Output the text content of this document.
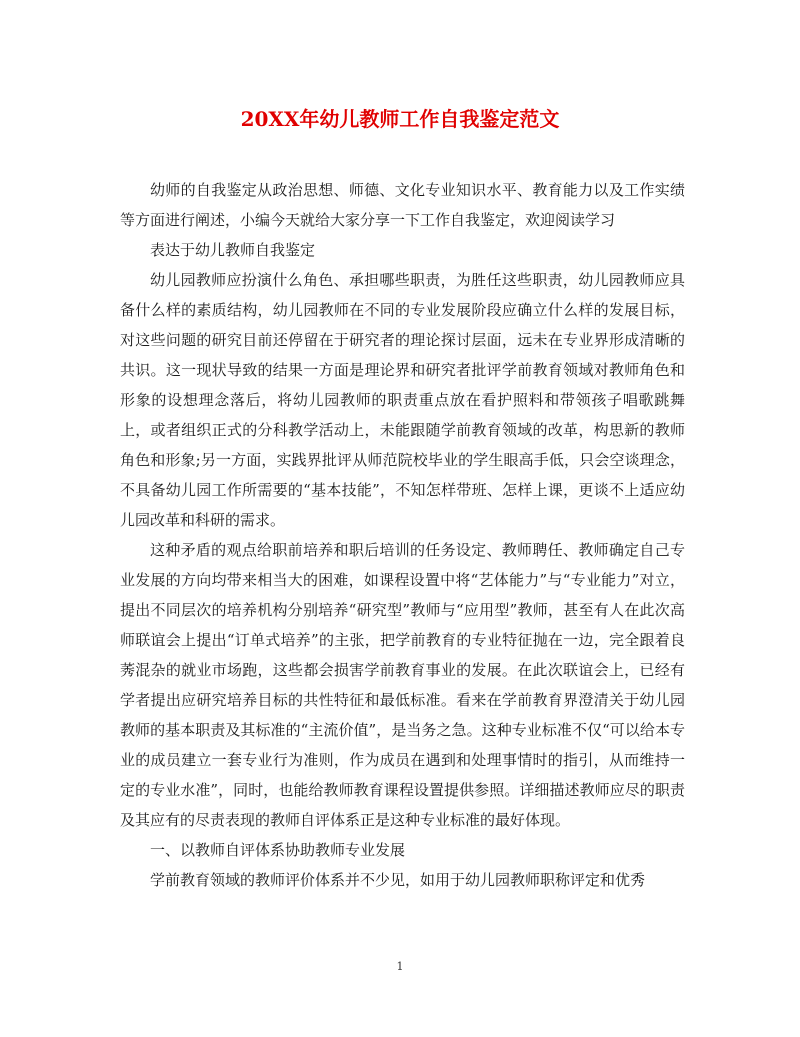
20XX年幼儿教师工作自我鉴定范文

幼师的自我鉴定从政治思想、师德、文化专业知识水平、教育能力以及工作实绩等方面进行阐述，小编今天就给大家分享一下工作自我鉴定，欢迎阅读学习

表达于幼儿教师自我鉴定

幼儿园教师应扮演什么角色、承担哪些职责，为胜任这些职责，幼儿园教师应具备什么样的素质结构，幼儿园教师在不同的专业发展阶段应确立什么样的发展目标，对这些问题的研究目前还停留在于研究者的理论探讨层面，远未在专业界形成清晰的共识。这一现状导致的结果一方面是理论界和研究者批评学前教育领域对教师角色和形象的设想理念落后，将幼儿园教师的职责重点放在看护照料和带领孩子唱歌跳舞上，或者组织正式的分科教学活动上，未能跟随学前教育领域的改革，构思新的教师角色和形象;另一方面，实践界批评从师范院校毕业的学生眼高手低，只会空谈理念，不具备幼儿园工作所需要的“基本技能”，不知怎样带班、怎样上课，更谈不上适应幼儿园改革和科研的需求。

这种矛盾的观点给职前培养和职后培训的任务设定、教师聘任、教师确定自己专业发展的方向均带来相当大的困难，如课程设置中将“艺体能力”与“专业能力”对立，提出不同层次的培养机构分别培养“研究型”教师与“应用型”教师，甚至有人在此次高师联谊会上提出“订单式培养”的主张，把学前教育的专业特征抛在一边，完全跟着良莠混杂的就业市场跑，这些都会损害学前教育事业的发展。在此次联谊会上，已经有学者提出应研究培养目标的共性特征和最低标准。看来在学前教育界澄清关于幼儿园教师的基本职责及其标准的“主流价值”，是当务之急。这种专业标准不仅“可以给本专业的成员建立一套专业行为准则，作为成员在遇到和处理事情时的指引，从而维持一定的专业水准”，同时，也能给教师教育课程设置提供参照。详细描述教师应尽的职责及其应有的尽责表现的教师自评体系正是这种专业标准的最好体现。

一、以教师自评体系协助教师专业发展

学前教育领域的教师评价体系并不少见，如用于幼儿园教师职称评定和优秀

1
